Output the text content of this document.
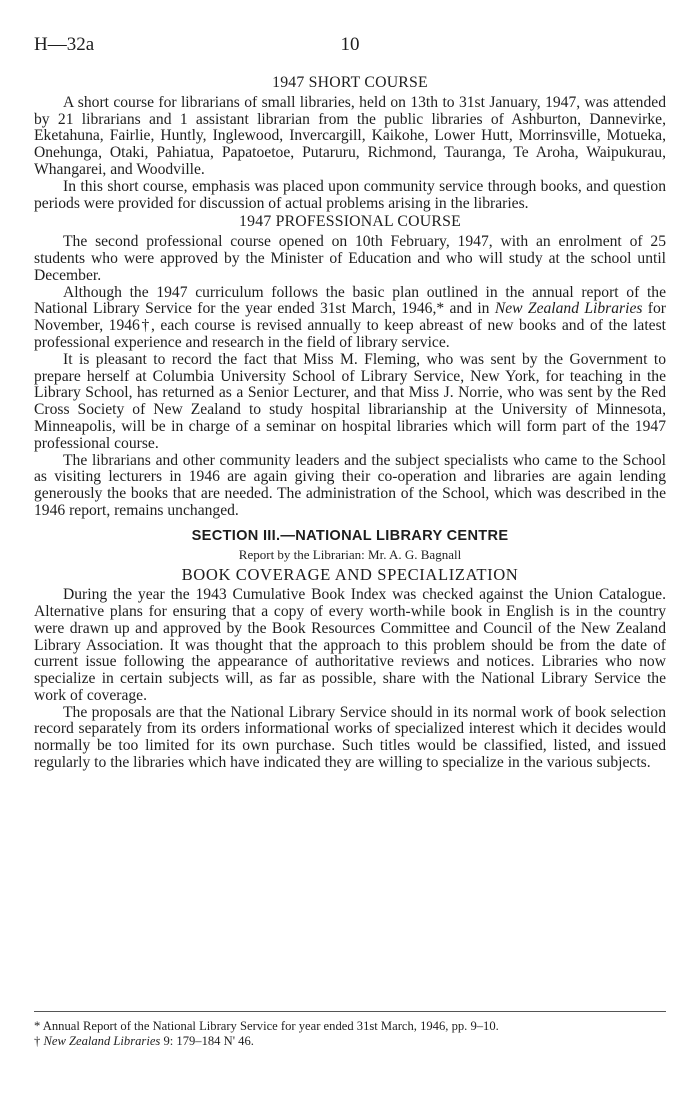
H—32a	10
1947 SHORT COURSE

A short course for librarians of small libraries, held on 13th to 31st January, 1947, was attended by 21 librarians and 1 assistant librarian from the public libraries of Ashburton, Dannevirke, Eketahuna, Fairlie, Huntly, Inglewood, Invercargill, Kaikohe, Lower Hutt, Morrinsville, Motueka, Onehunga, Otaki, Pahiatua, Papatoetoe, Putaruru, Richmond, Tauranga, Te Aroha, Waipukurau, Whangarei, and Woodville.

In this short course, emphasis was placed upon community service through books, and question periods were provided for discussion of actual problems arising in the libraries.

1947 PROFESSIONAL COURSE

The second professional course opened on 10th February, 1947, with an enrolment of 25 students who were approved by the Minister of Education and who will study at the school until December.

Although the 1947 curriculum follows the basic plan outlined in the annual report of the National Library Service for the year ended 31st March, 1946,* and in New Zealand Libraries for November, 1946†, each course is revised annually to keep abreast of new books and of the latest professional experience and research in the field of library service.

It is pleasant to record the fact that Miss M. Fleming, who was sent by the Government to prepare herself at Columbia University School of Library Service, New York, for teaching in the Library School, has returned as a Senior Lecturer, and that Miss J. Norrie, who was sent by the Red Cross Society of New Zealand to study hospital librarianship at the University of Minnesota, Minneapolis, will be in charge of a seminar on hospital libraries which will form part of the 1947 professional course.

The librarians and other community leaders and the subject specialists who came to the School as visiting lecturers in 1946 are again giving their co-operation and libraries are again lending generously the books that are needed. The administration of the School, which was described in the 1946 report, remains unchanged.

SECTION III.—NATIONAL LIBRARY CENTRE
Report by the Librarian: Mr. A. G. Bagnall
BOOK COVERAGE AND SPECIALIZATION

During the year the 1943 Cumulative Book Index was checked against the Union Catalogue. Alternative plans for ensuring that a copy of every worth-while book in English is in the country were drawn up and approved by the Book Resources Committee and Council of the New Zealand Library Association. It was thought that the approach to this problem should be from the date of current issue following the appearance of authoritative reviews and notices. Libraries who now specialize in certain subjects will, as far as possible, share with the National Library Service the work of coverage.

The proposals are that the National Library Service should in its normal work of book selection record separately from its orders informational works of specialized interest which it decides would normally be too limited for its own purchase. Such titles would be classified, listed, and issued regularly to the libraries which have indicated they are willing to specialize in the various subjects.

* Annual Report of the National Library Service for year ended 31st March, 1946, pp. 9–10.

† New Zealand Libraries 9: 179–184 N' 46.
